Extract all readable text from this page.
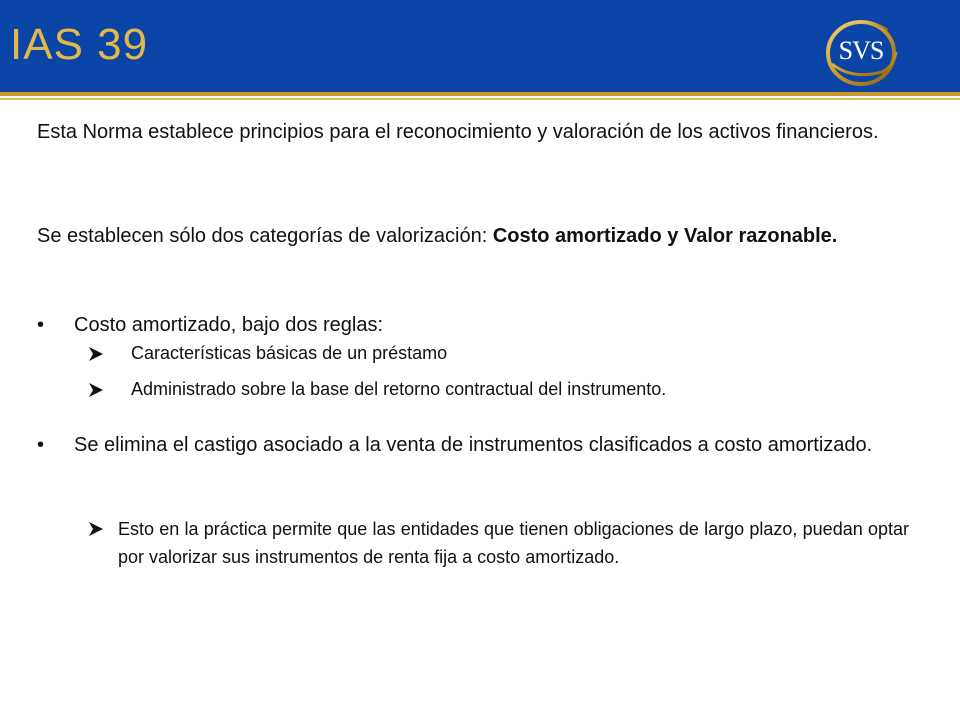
IAS 39	SVS
Esta Norma establece principios para el reconocimiento y valoración de los activos financieros.
Se establecen sólo dos categorías de valorización: Costo amortizado y Valor razonable.
•	Costo amortizado, bajo dos reglas:
Características básicas de un préstamo
Administrado sobre la base del retorno contractual del instrumento.
•	Se elimina el castigo asociado a la venta de instrumentos clasificados a costo amortizado.
Esto en la práctica permite que las entidades que tienen obligaciones de largo plazo, puedan optar por valorizar sus instrumentos de renta fija a costo amortizado.
